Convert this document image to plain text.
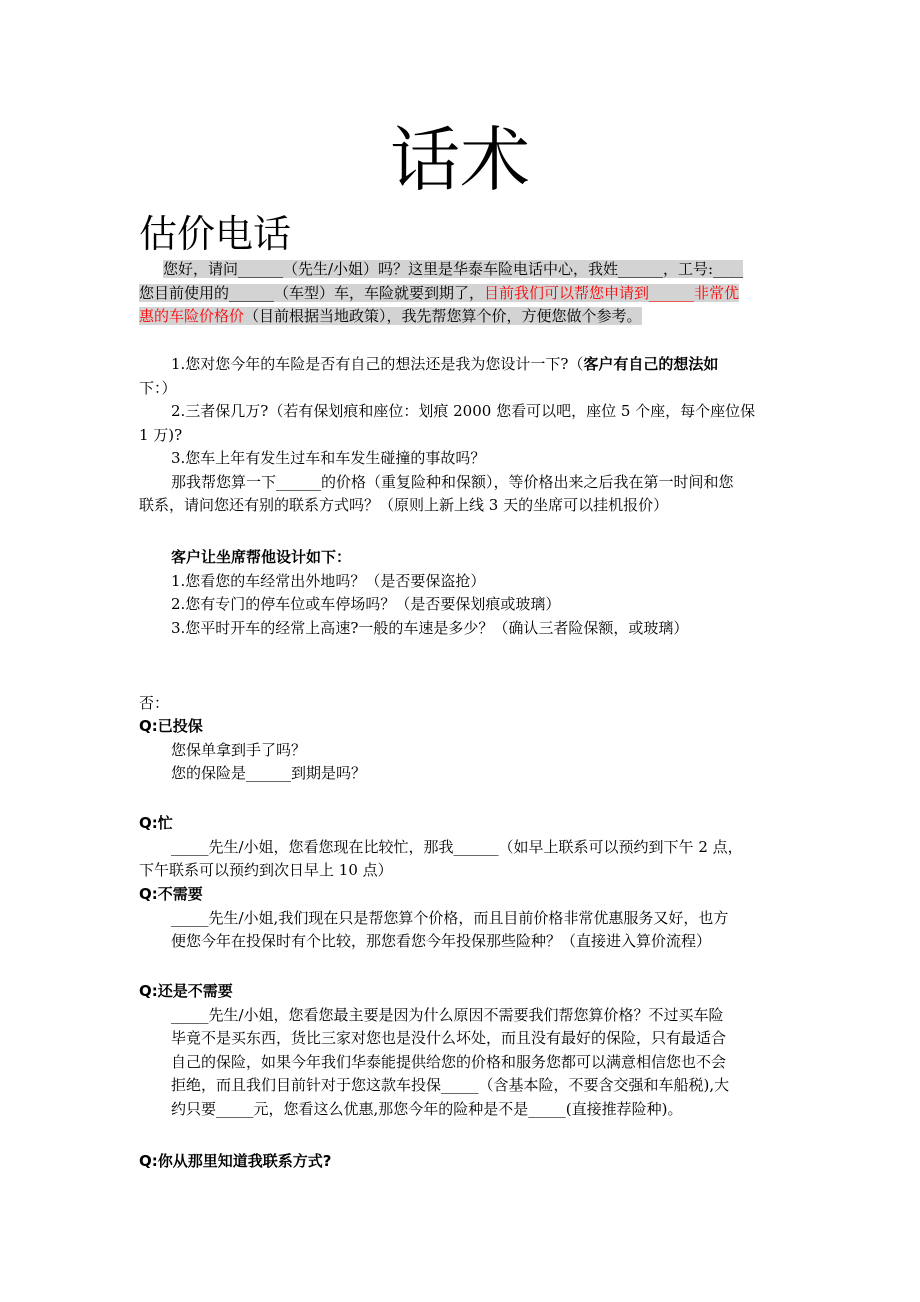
话术
估价电话
您好，请问______（先生/小姐）吗？这里是华泰车险电话中心，我姓______，工号:____
您目前使用的______（车型）车，车险就要到期了，目前我们可以帮您申请到______非常优
惠的车险价格价（目前根据当地政策），我先帮您算个价，方便您做个参考。
1.您对您今年的车险是否有自己的想法还是我为您设计一下?（客户有自己的想法如
下：）
2.三者保几万?（若有保划痕和座位：划痕 2000 您看可以吧，座位 5 个座，每个座位保
1 万)?
3.您车上年有发生过车和车发生碰撞的事故吗？
那我帮您算一下______的价格（重复险种和保额），等价格出来之后我在第一时间和您
联系，请问您还有别的联系方式吗？（原则上新上线 3 天的坐席可以挂机报价）
客户让坐席帮他设计如下：
1.您看您的车经常出外地吗？（是否要保盗抢）
2.您有专门的停车位或车停场吗？（是否要保划痕或玻璃）
3.您平时开车的经常上高速?一般的车速是多少？（确认三者险保额，或玻璃）
否：
Q:已投保
您保单拿到手了吗？
您的保险是______到期是吗？
Q:忙
_____先生/小姐，您看您现在比较忙，那我______（如早上联系可以预约到下午 2 点，
下午联系可以预约到次日早上 10 点）
Q:不需要
_____先生/小姐,我们现在只是帮您算个价格，而且目前价格非常优惠服务又好，也方
便您今年在投保时有个比较，那您看您今年投保那些险种？（直接进入算价流程）
Q:还是不需要
_____先生/小姐，您看您最主要是因为什么原因不需要我们帮您算价格？不过买车险
毕竟不是买东西，货比三家对您也是没什么坏处，而且没有最好的保险，只有最适合
自己的保险，如果今年我们华泰能提供给您的价格和服务您都可以满意相信您也不会
拒绝，而且我们目前针对于您这款车投保_____（含基本险，不要含交强和车船税),大
约只要_____元，您看这么优惠,那您今年的险种是不是_____(直接推荐险种)。
Q:你从那里知道我联系方式?
